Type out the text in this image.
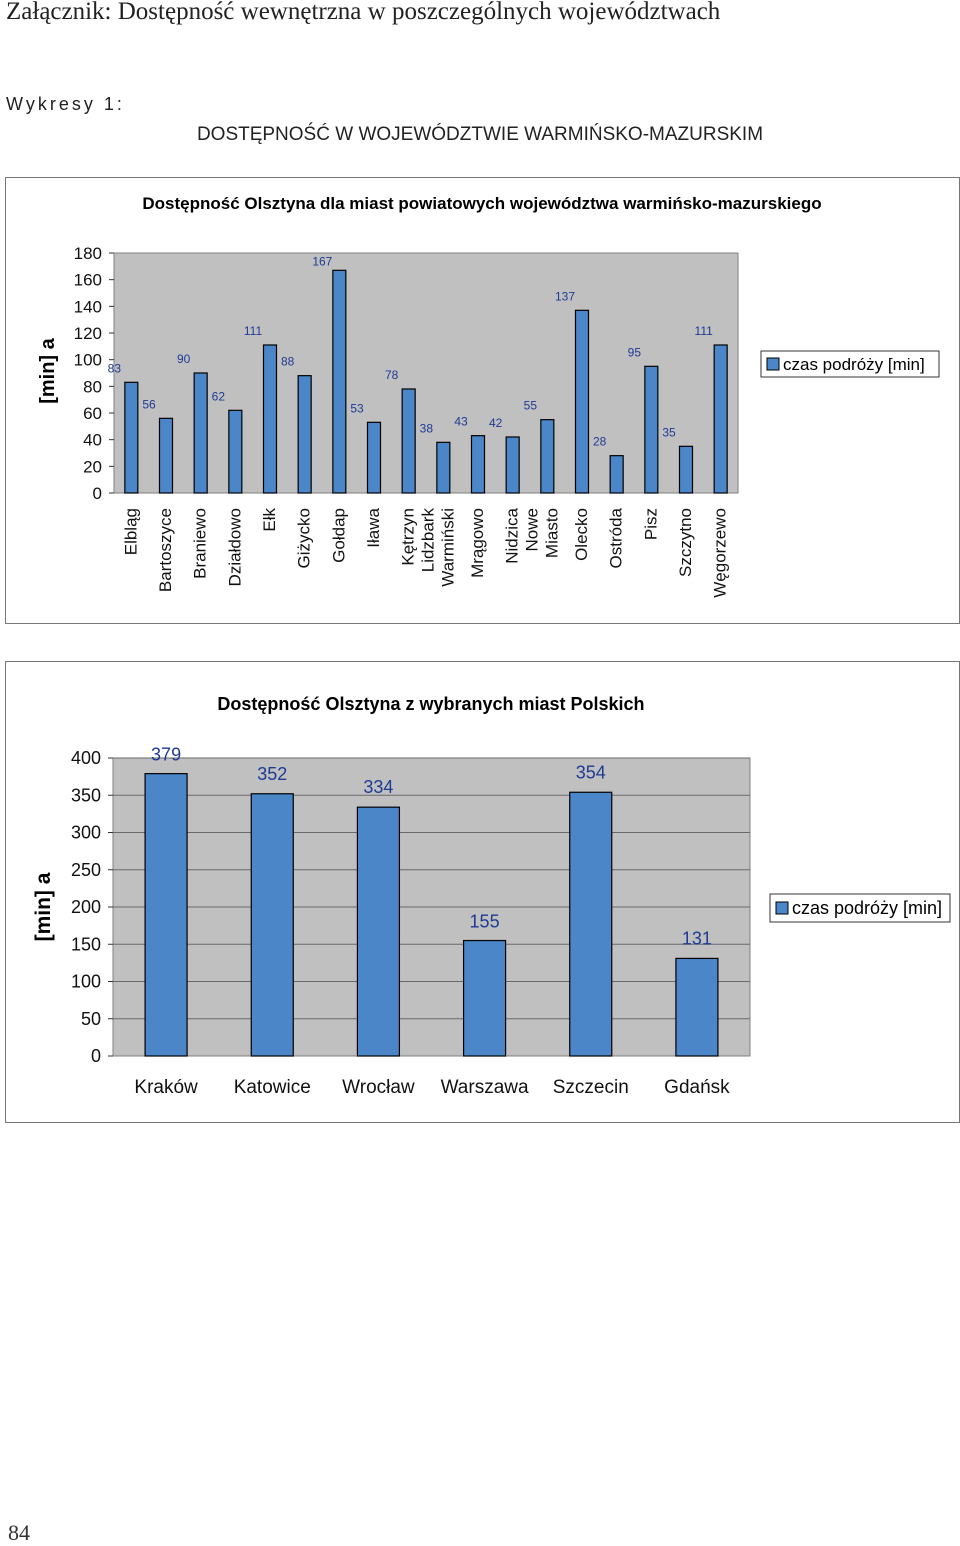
Załącznik: Dostępność wewnętrzna w poszczególnych województwach
Wykresy 1:
DOSTĘPNOŚĆ W WOJEWÓDZTWIE WARMIŃSKO-MAZURSKIM
Dostępność Olsztyna dla miast powiatowych województwa warmińsko-mazurskiego
0
20
40
60
80
100
120
140
160
180
[min] a	83
Elbląg
56
Bartoszyce
90
Braniewo
62
Działdowo
111
Ełk
88
Giżycko
167
Gołdap
53
Iława
78
Kętrzyn
38
Lidzbark Warmiński
43
Mrągowo
42
Nidzica
55
Nowe Miasto
137
Olecko
28
Ostróda
95
Pisz
35
Szczytno
111
Węgorzewo
czas podróży [min]
Dostępność Olsztyna z wybranych miast Polskich
0
50
100
150
200
250
300
350
400
[min] a
379
Kraków
352
Katowice
334
Wrocław
155
Warszawa
354
Szczecin
131
Gdańsk
czas podróży [min]
84
